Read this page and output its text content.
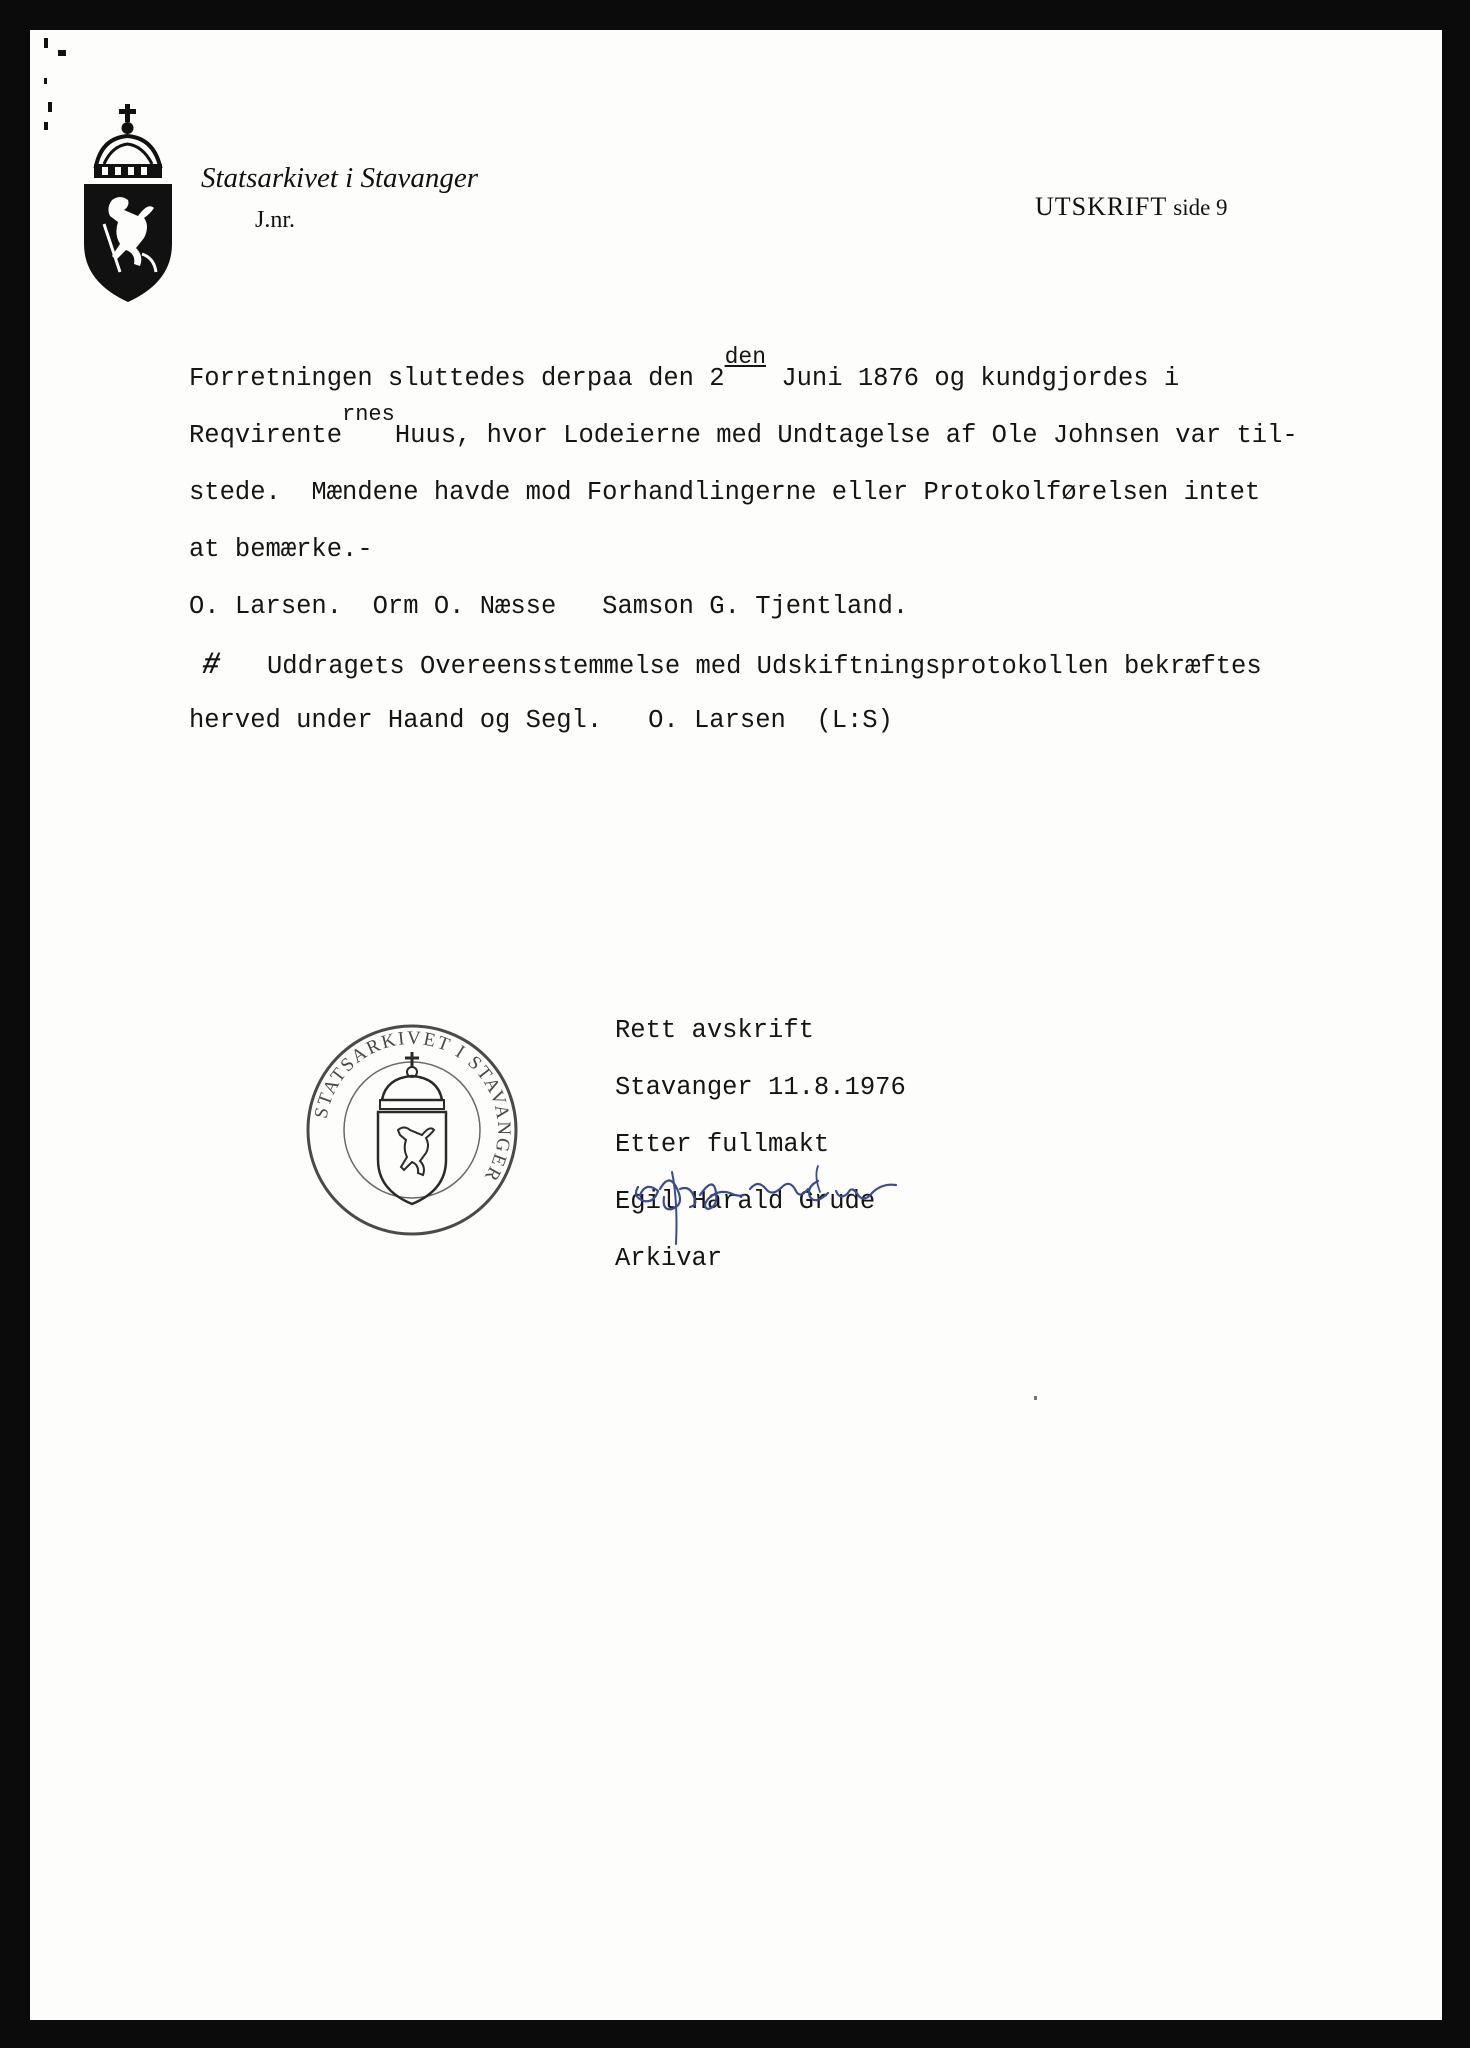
Statsarkivet i Stavanger
J.nr.	UTSKRIFT side 9
Forretningen sluttedes derpaa den 2den Juni 1876 og kundgjordes i
ReqvirenternesHuus, hvor Lodeierne med Undtagelse af Ole Johnsen var til-
stede.  Mændene havde mod Forhandlingerne eller Protokolførelsen intet
at bemærke.-
O. Larsen.  Orm O. Næsse   Samson G. Tjentland.
# Uddragets Overeensstemmelse med Udskiftningsprotokollen bekræftes
herved under Haand og Segl.   O. Larsen  (L:S)
Rett avskrift
Stavanger 11.8.1976
Etter fullmakt
Egil Harald Grude
Arkivar
STATSARKIVET I STAVANGER
